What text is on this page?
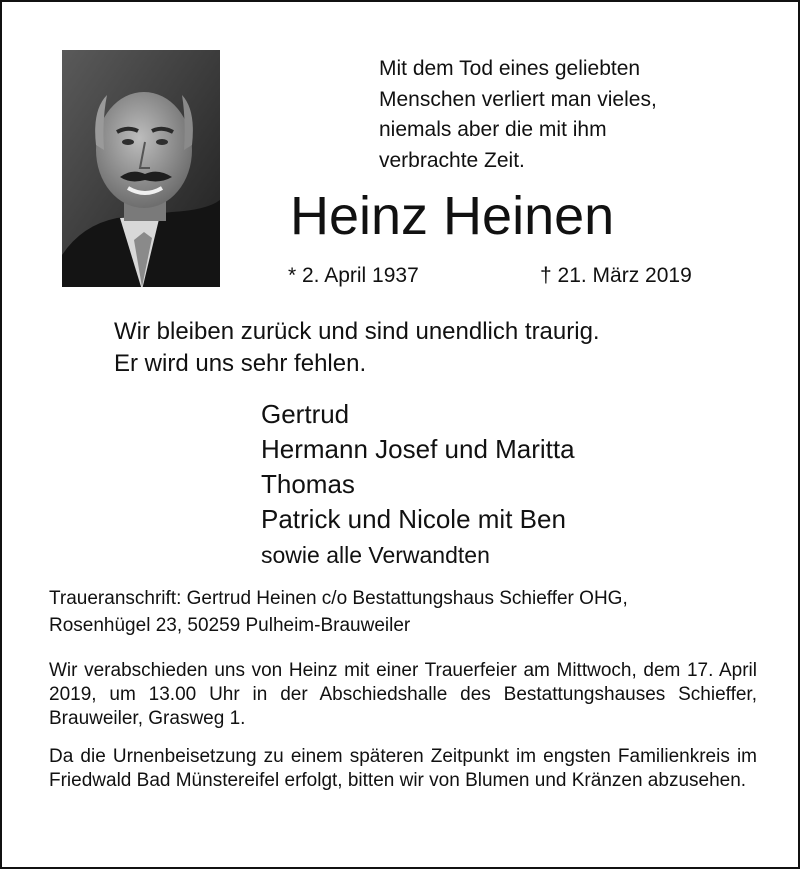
Mit dem Tod eines geliebten
Menschen verliert man vieles,
niemals aber die mit ihm
verbrachte Zeit.
Heinz Heinen
* 2. April 1937	† 21. März 2019
Wir bleiben zurück und sind unendlich traurig.
Er wird uns sehr fehlen.
Gertrud
Hermann Josef und Maritta
Thomas
Patrick und Nicole mit Ben
sowie alle Verwandten
Traueranschrift: Gertrud Heinen c/o Bestattungshaus Schieffer OHG,
Rosenhügel 23, 50259 Pulheim-Brauweiler
Wir verabschieden uns von Heinz mit einer Trauerfeier am Mittwoch, dem 17. April 2019, um 13.00 Uhr in der Abschiedshalle des Bestattungshauses Schieffer, Brauweiler, Grasweg 1.
Da die Urnenbeisetzung zu einem späteren Zeitpunkt im engsten Familienkreis im Friedwald Bad Münstereifel erfolgt, bitten wir von Blumen und Kränzen abzusehen.
